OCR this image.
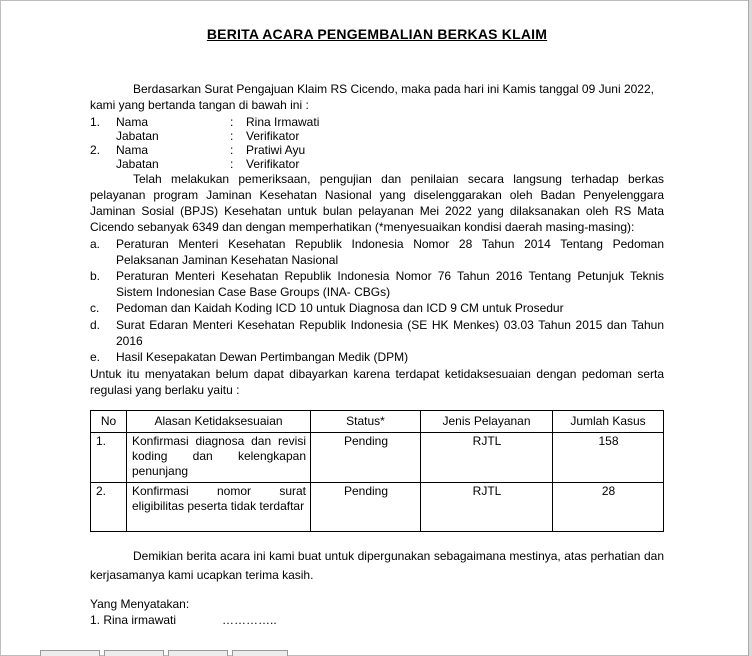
BERITA ACARA PENGEMBALIAN BERKAS KLAIM
Berdasarkan Surat Pengajuan Klaim RS Cicendo, maka pada hari ini Kamis tanggal 09 Juni 2022,
kami yang bertanda tangan di bawah ini :
1. Nama	: Rina Irmawati
Jabatan	: Verifikator
2. Nama	: Pratiwi Ayu
Jabatan	: Verifikator
Telah melakukan pemeriksaan, pengujian dan penilaian secara langsung terhadap berkas pelayanan program Jaminan Kesehatan Nasional yang diselenggarakan oleh Badan Penyelenggara Jaminan Sosial (BPJS) Kesehatan untuk bulan pelayanan Mei 2022 yang dilaksanakan oleh RS Mata Cicendo sebanyak 6349 dan dengan memperhatikan (*menyesuaikan kondisi daerah masing-masing):
a. Peraturan Menteri Kesehatan Republik Indonesia Nomor 28 Tahun 2014 Tentang Pedoman Pelaksanan Jaminan Kesehatan Nasional
b. Peraturan Menteri Kesehatan Republik Indonesia Nomor 76 Tahun 2016 Tentang Petunjuk Teknis Sistem Indonesian Case Base Groups (INA- CBGs)
c. Pedoman dan Kaidah Koding ICD 10 untuk Diagnosa dan ICD 9 CM untuk Prosedur
d. Surat Edaran Menteri Kesehatan Republik Indonesia (SE HK Menkes) 03.03 Tahun 2015 dan Tahun 2016
e. Hasil Kesepakatan Dewan Pertimbangan Medik (DPM)
Untuk itu menyatakan belum dapat dibayarkan karena terdapat ketidaksesuaian dengan pedoman serta regulasi yang berlaku yaitu :
No	Alasan Ketidaksesuaian	Status*	Jenis Pelayanan	Jumlah Kasus
1.	Konfirmasi diagnosa dan revisi koding dan kelengkapan penunjang	Pending	RJTL	158
2.	Konfirmasi nomor surat eligibilitas peserta tidak terdaftar	Pending	RJTL	28
Demikian berita acara ini kami buat untuk dipergunakan sebagaimana mestinya, atas perhatian dan kerjasamanya kami ucapkan terima kasih.
Yang Menyatakan:
1. Rina irmawati	…………..
